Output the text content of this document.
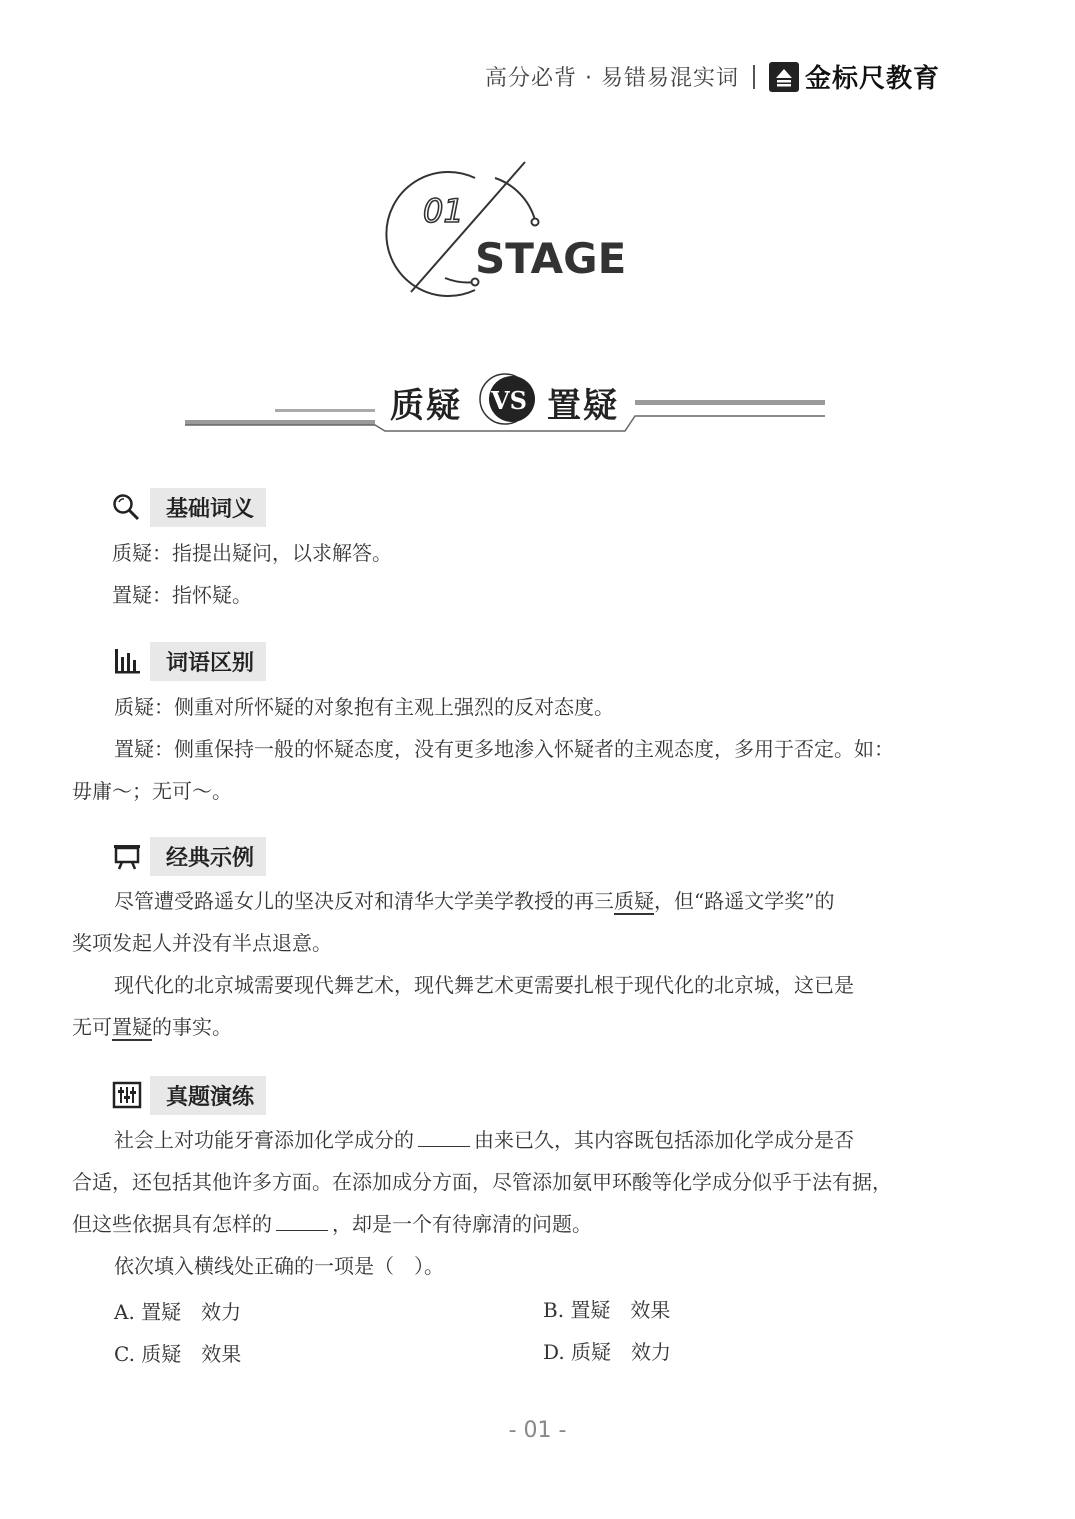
高分必背 · 易错易混实词	金标尺教育
01
STAGE
质疑 VS 置疑
基础词义
质疑：指提出疑问，以求解答。
置疑：指怀疑。
词语区别
质疑：侧重对所怀疑的对象抱有主观上强烈的反对态度。
置疑：侧重保持一般的怀疑态度，没有更多地渗入怀疑者的主观态度，多用于否定。如：
毋庸～；无可～。
经典示例
尽管遭受路遥女儿的坚决反对和清华大学美学教授的再三质疑，但“路遥文学奖”的
奖项发起人并没有半点退意。
现代化的北京城需要现代舞艺术，现代舞艺术更需要扎根于现代化的北京城，这已是
无可置疑的事实。
真题演练
社会上对功能牙膏添加化学成分的	由来已久，其内容既包括添加化学成分是否
合适，还包括其他许多方面。在添加成分方面，尽管添加氨甲环酸等化学成分似乎于法有据，
但这些依据具有怎样的	，却是一个有待廓清的问题。
依次填入横线处正确的一项是（　）。
A. 置疑　效力	B. 置疑　效果
C. 质疑　效果	D. 质疑　效力
- 01 -
